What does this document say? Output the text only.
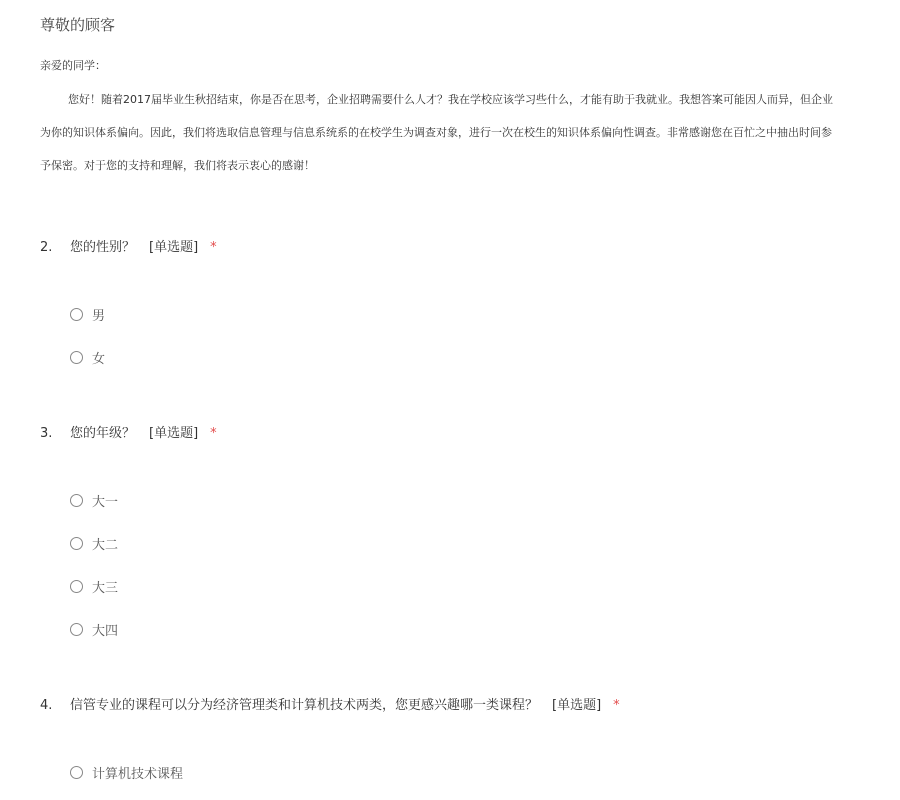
尊敬的顾客
亲爱的同学：
您好！随着2017届毕业生秋招结束，你是否在思考，企业招聘需要什么人才？我在学校应该学习些什么，才能有助于我就业。我想答案可能因人而异，但企业
为你的知识体系偏向。因此，我们将选取信息管理与信息系统系的在校学生为调查对象，进行一次在校生的知识体系偏向性调查。非常感谢您在百忙之中抽出时间参
予保密。对于您的支持和理解，我们将表示衷心的感谢！
2. 您的性别？ [单选题] *
男
女
3. 您的年级？ [单选题] *
大一
大二
大三
大四
4. 信管专业的课程可以分为经济管理类和计算机技术两类，您更感兴趣哪一类课程？ [单选题] *
计算机技术课程
